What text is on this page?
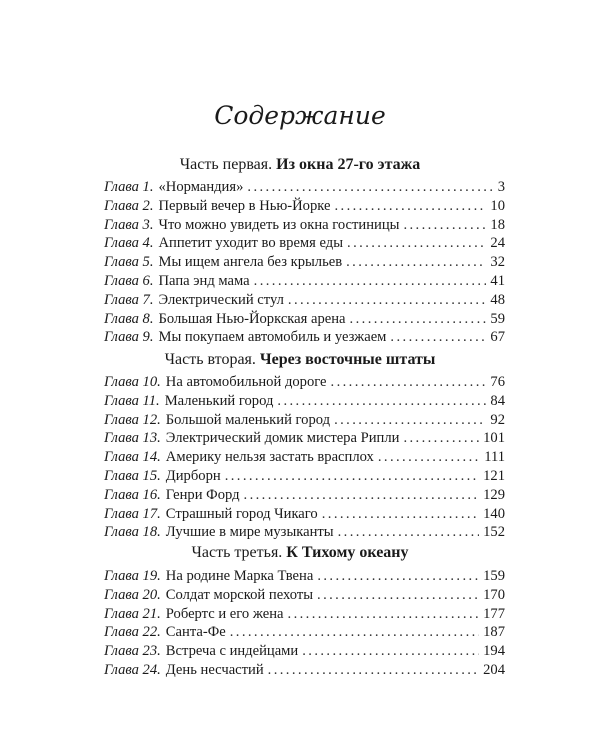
Содержание
Часть первая. Из окна 27-го этажа
Глава 1. «Нормандия» .....	3
Глава 2. Первый вечер в Нью-Йорке .....	10
Глава 3. Что можно увидеть из окна гостиницы .....	18
Глава 4. Аппетит уходит во время еды .....	24
Глава 5. Мы ищем ангела без крыльев .....	32
Глава 6. Папа энд мама .....	41
Глава 7. Электрический стул .....	48
Глава 8. Большая Нью-Йоркская арена .....	59
Глава 9. Мы покупаем автомобиль и уезжаем .....	67
Часть вторая. Через восточные штаты
Глава 10. На автомобильной дороге .....	76
Глава 11. Маленький город .....	84
Глава 12. Большой маленький город .....	92
Глава 13. Электрический домик мистера Рипли .....	101
Глава 14. Америку нельзя застать врасплох .....	111
Глава 15. Дирборн .....	121
Глава 16. Генри Форд .....	129
Глава 17. Страшный город Чикаго .....	140
Глава 18. Лучшие в мире музыканты .....	152
Часть третья. К Тихому океану
Глава 19. На родине Марка Твена .....	159
Глава 20. Солдат морской пехоты .....	170
Глава 21. Робертс и его жена .....	177
Глава 22. Санта-Фе .....	187
Глава 23. Встреча с индейцами .....	194
Глава 24. День несчастий .....	204
